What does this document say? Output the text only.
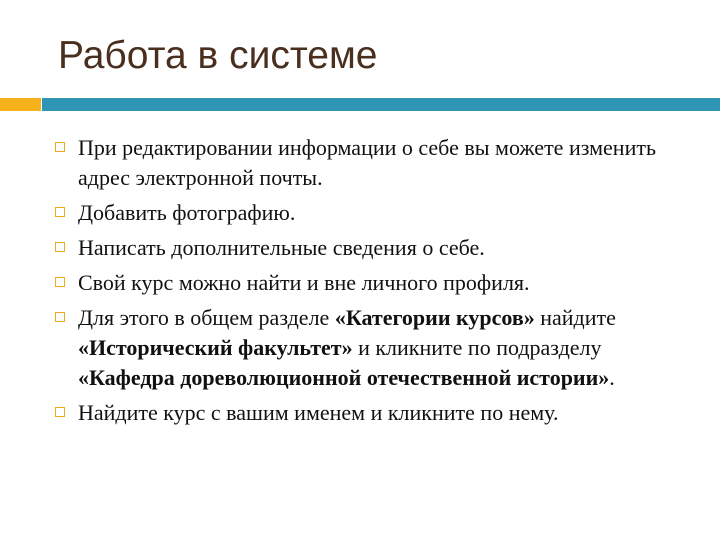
Работа в системе
При редактировании информации о себе вы можете изменить адрес электронной почты.
Добавить фотографию.
Написать дополнительные сведения о себе.
Свой курс можно найти и вне личного профиля.
Для этого в общем разделе «Категории курсов» найдите «Исторический факультет» и кликните по подразделу «Кафедра дореволюционной отечественной истории».
Найдите курс с вашим именем и кликните по нему.
